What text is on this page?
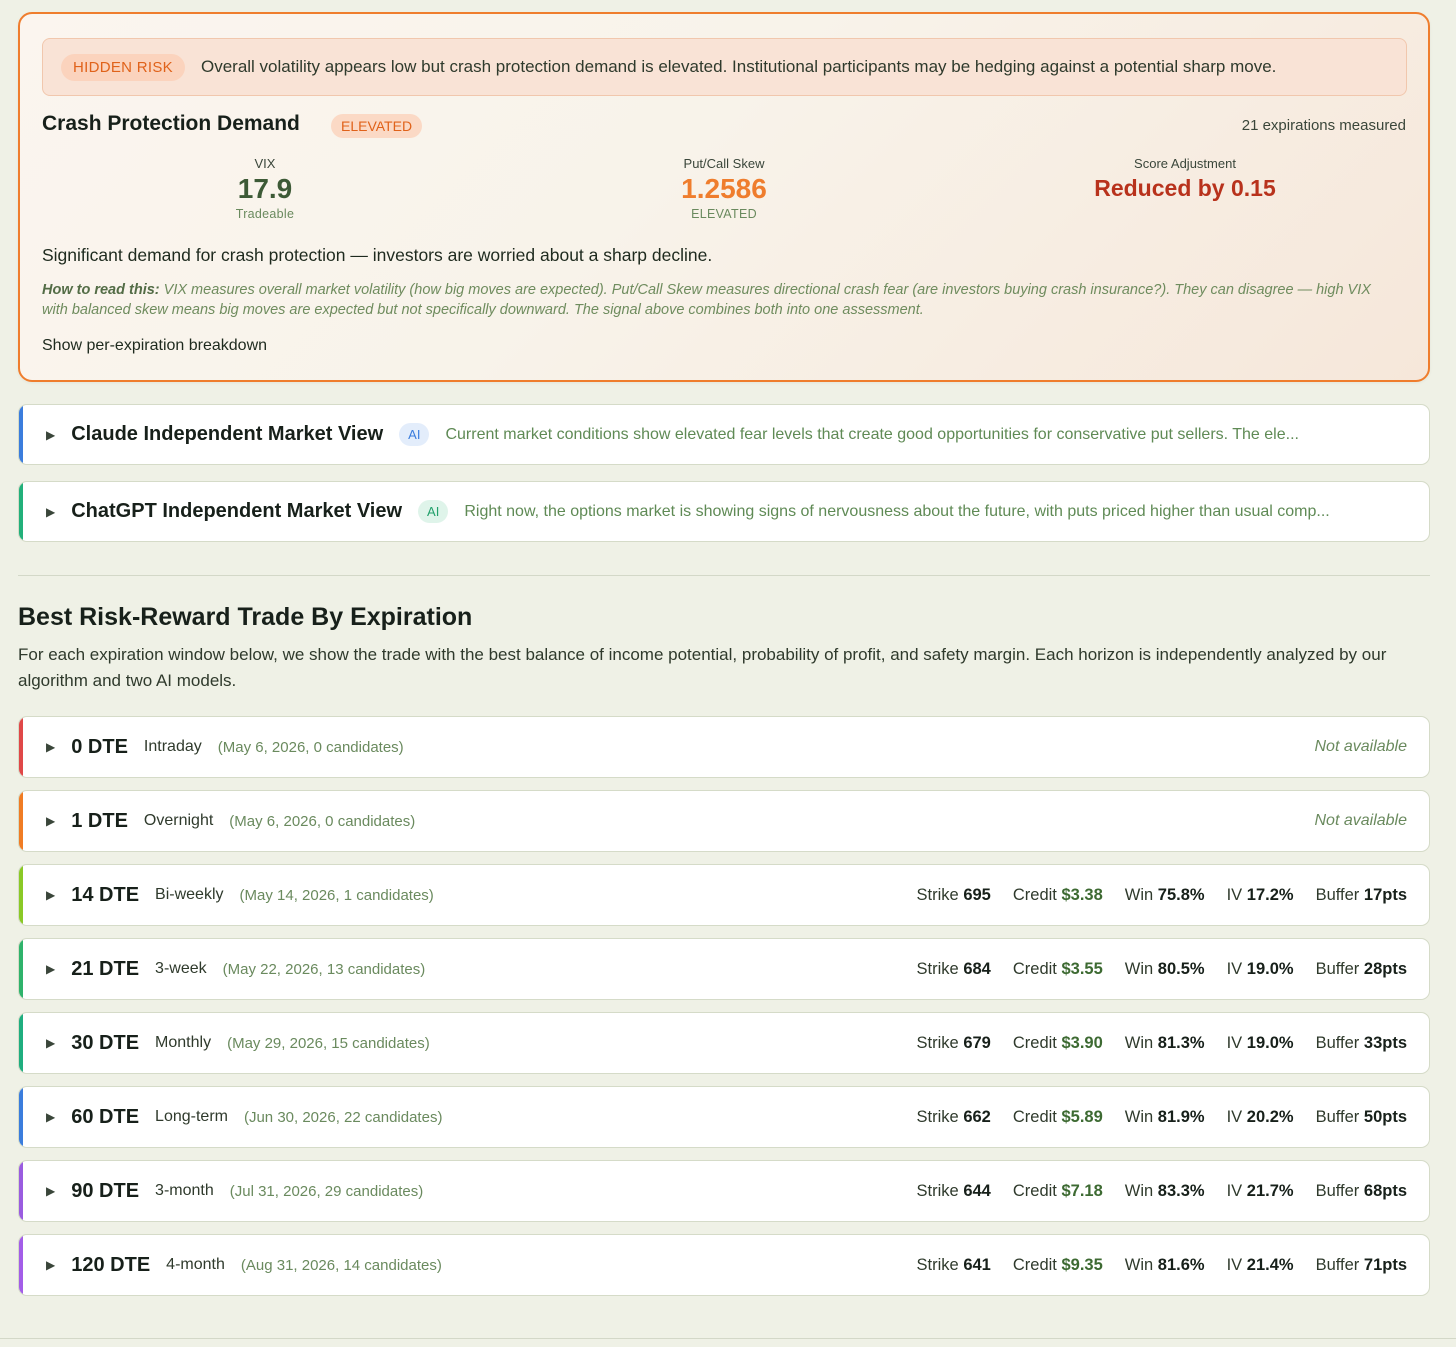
HIDDEN RISK	Overall volatility appears low but crash protection demand is elevated. Institutional participants may be hedging against a potential sharp move.
Crash Protection Demand	ELEVATED	21 expirations measured
VIX
17.9
Tradeable
Put/Call Skew
1.2586
ELEVATED
Score Adjustment
Reduced by 0.15
Significant demand for crash protection — investors are worried about a sharp decline.
How to read this: VIX measures overall market volatility (how big moves are expected). Put/Call Skew measures directional crash fear (are investors buying crash insurance?). They can disagree — high VIX with balanced skew means big moves are expected but not specifically downward. The signal above combines both into one assessment.
Show per-expiration breakdown
▶ Claude Independent Market View	AI	Current market conditions show elevated fear levels that create good opportunities for conservative put sellers. The ele...
▶ ChatGPT Independent Market View	AI	Right now, the options market is showing signs of nervousness about the future, with puts priced higher than usual comp...
Best Risk-Reward Trade By Expiration
For each expiration window below, we show the trade with the best balance of income potential, probability of profit, and safety margin. Each horizon is independently analyzed by our algorithm and two AI models.
▶ 0 DTE Intraday (May 6, 2026, 0 candidates)	Not available
▶ 1 DTE Overnight (May 6, 2026, 0 candidates)	Not available
▶ 14 DTE Bi-weekly (May 14, 2026, 1 candidates)	Strike 695 Credit $3.38 Win 75.8% IV 17.2% Buffer 17pts
▶ 21 DTE 3-week (May 22, 2026, 13 candidates)	Strike 684 Credit $3.55 Win 80.5% IV 19.0% Buffer 28pts
▶ 30 DTE Monthly (May 29, 2026, 15 candidates)	Strike 679 Credit $3.90 Win 81.3% IV 19.0% Buffer 33pts
▶ 60 DTE Long-term (Jun 30, 2026, 22 candidates)	Strike 662 Credit $5.89 Win 81.9% IV 20.2% Buffer 50pts
▶ 90 DTE 3-month (Jul 31, 2026, 29 candidates)	Strike 644 Credit $7.18 Win 83.3% IV 21.7% Buffer 68pts
▶ 120 DTE 4-month (Aug 31, 2026, 14 candidates)	Strike 641 Credit $9.35 Win 81.6% IV 21.4% Buffer 71pts
